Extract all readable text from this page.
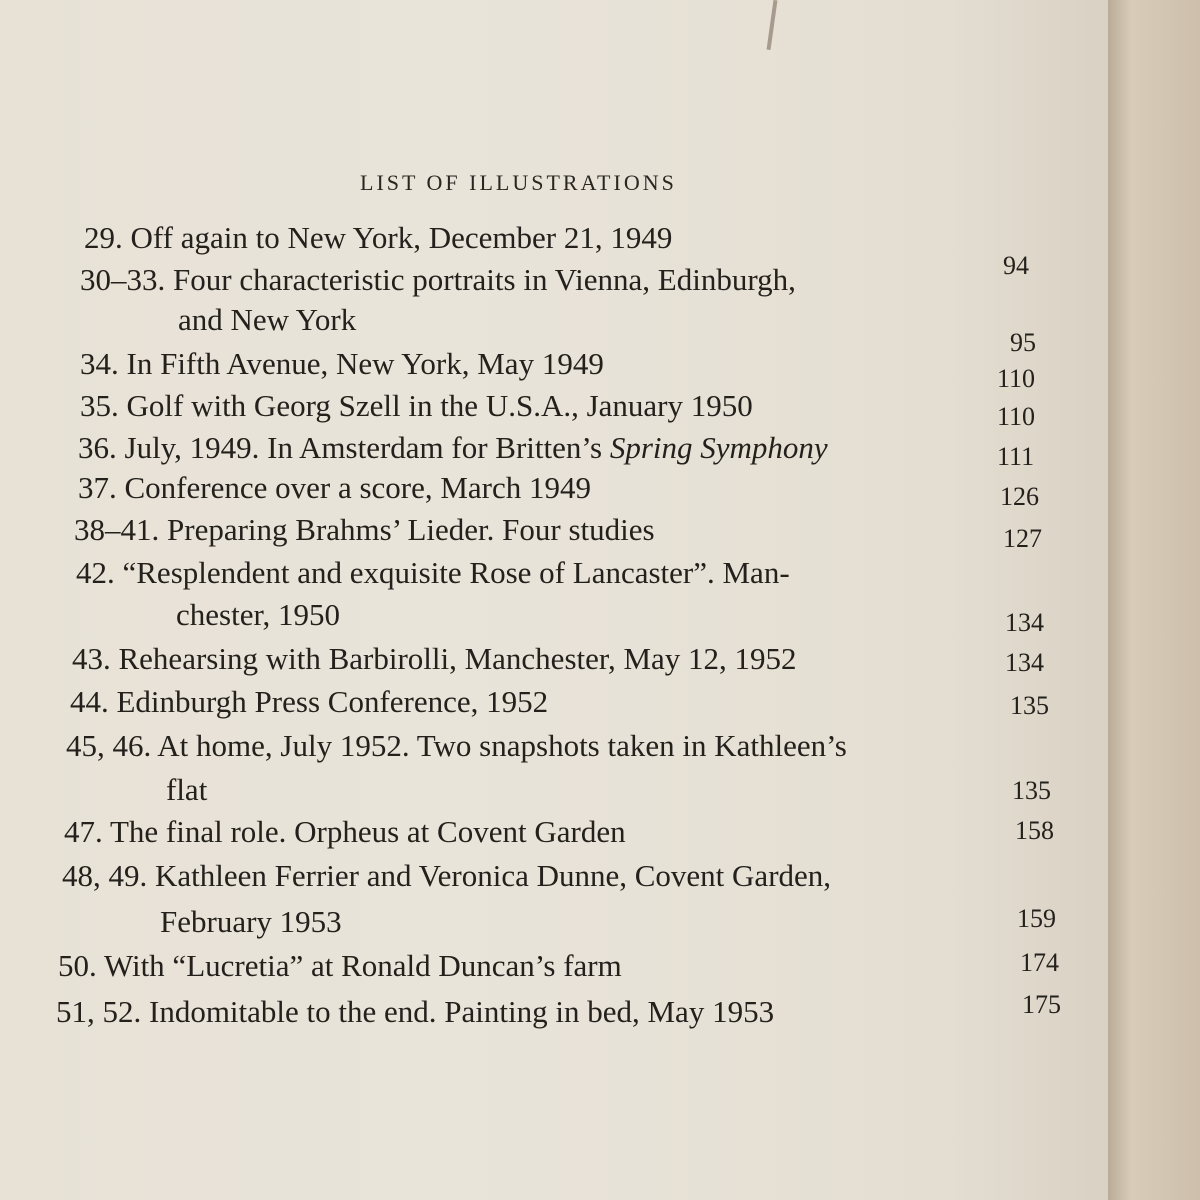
LIST OF ILLUSTRATIONS
29. Off again to New York, December 21, 1949
94
30–33. Four characteristic portraits in Vienna, Edinburgh,
and New York
95
34. In Fifth Avenue, New York, May 1949	110
35. Golf with Georg Szell in the U.S.A., January 1950	110
36. July, 1949. In Amsterdam for Britten’s Spring Symphony	111
37. Conference over a score, March 1949	126
38–41. Preparing Brahms’ Lieder. Four studies	127
42. “Resplendent and exquisite Rose of Lancaster”. Man-
chester, 1950	134
43. Rehearsing with Barbirolli, Manchester, May 12, 1952	134
44. Edinburgh Press Conference, 1952	135
45, 46. At home, July 1952. Two snapshots taken in Kathleen’s
flat	135
47. The final role. Orpheus at Covent Garden	158
48, 49. Kathleen Ferrier and Veronica Dunne, Covent Garden,
February 1953	159
50. With “Lucretia” at Ronald Duncan’s farm	174
51, 52. Indomitable to the end. Painting in bed, May 1953	175
